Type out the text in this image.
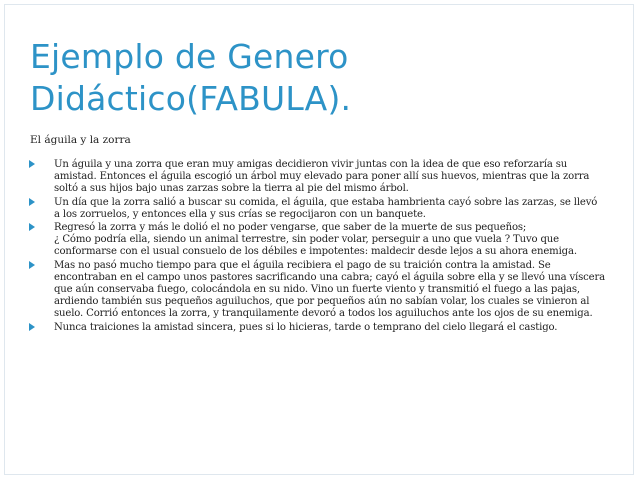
Ejemplo de Genero
Didáctico(FABULA).

El águila y la zorra

Un águila y una zorra que eran muy amigas decidieron vivir juntas con la idea de que eso reforzaría su amistad. Entonces el águila escogió un árbol muy elevado para poner allí sus huevos, mientras que la zorra soltó a sus hijos bajo unas zarzas sobre la tierra al pie del mismo árbol.
Un día que la zorra salió a buscar su comida, el águila, que estaba hambrienta cayó sobre las zarzas, se llevó a los zorruelos, y entonces ella y sus crías se regocijaron con un banquete.
Regresó la zorra y más le dolió el no poder vengarse, que saber de la muerte de sus pequeños;
¿ Cómo podría ella, siendo un animal terrestre, sin poder volar, perseguir a uno que vuela ? Tuvo que conformarse con el usual consuelo de los débiles e impotentes: maldecir desde lejos a su ahora enemiga.
Mas no pasó mucho tiempo para que el águila recibiera el pago de su traición contra la amistad. Se encontraban en el campo unos pastores sacrificando una cabra; cayó el águila sobre ella y se llevó una víscera que aún conservaba fuego, colocándola en su nido. Vino un fuerte viento y transmitió el fuego a las pajas, ardiendo también sus pequeños aguiluchos, que por pequeños aún no sabían volar, los cuales se vinieron al suelo. Corrió entonces la zorra, y tranquilamente devoró a todos los aguiluchos ante los ojos de su enemiga.
Nunca traiciones la amistad sincera, pues si lo hicieras, tarde o temprano del cielo llegará el castigo.
